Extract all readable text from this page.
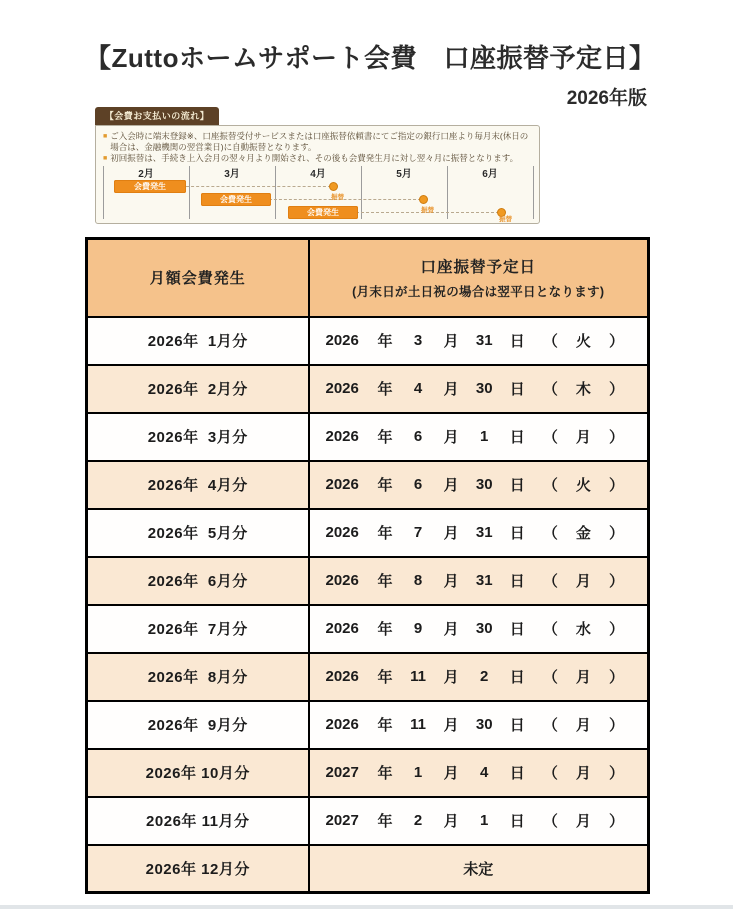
【Zuttoホームサポート会費　口座振替予定日】
2026年版
【会費お支払いの流れ】
■ ご入会時に端末登録※、口座振替受付サービスまたは口座振替依頼書にてご指定の銀行口座より毎月末(休日の場合は、金融機関の翌営業日)に自動振替となります。
■ 初回振替は、手続き上入会月の翌々月より開始され、その後も会費発生月に対し翌々月に振替となります。
2月	3月	4月	5月	6月
会費発生
会費発生
会費発生
振替
振替
振替
月額会費発生	口座振替予定日
(月末日が土日祝の場合は翌平日となります)

2026年  1月分	2026	年	3	月	31	日	（	火	）

2026年  2月分	2026	年	4	月	30	日	（	木	）

2026年  3月分	2026	年	6	月	1	日	（	月	）

2026年  4月分	2026	年	6	月	30	日	（	火	）

2026年  5月分	2026	年	7	月	31	日	（	金	）

2026年  6月分	2026	年	8	月	31	日	（	月	）

2026年  7月分	2026	年	9	月	30	日	（	水	）

2026年  8月分	2026	年	11	月	2	日	（	月	）

2026年  9月分	2026	年	11	月	30	日	（	月	）

2026年 10月分	2027	年	1	月	4	日	（	月	）

2026年 11月分	2027	年	2	月	1	日	（	月	）

2026年 12月分	未定
